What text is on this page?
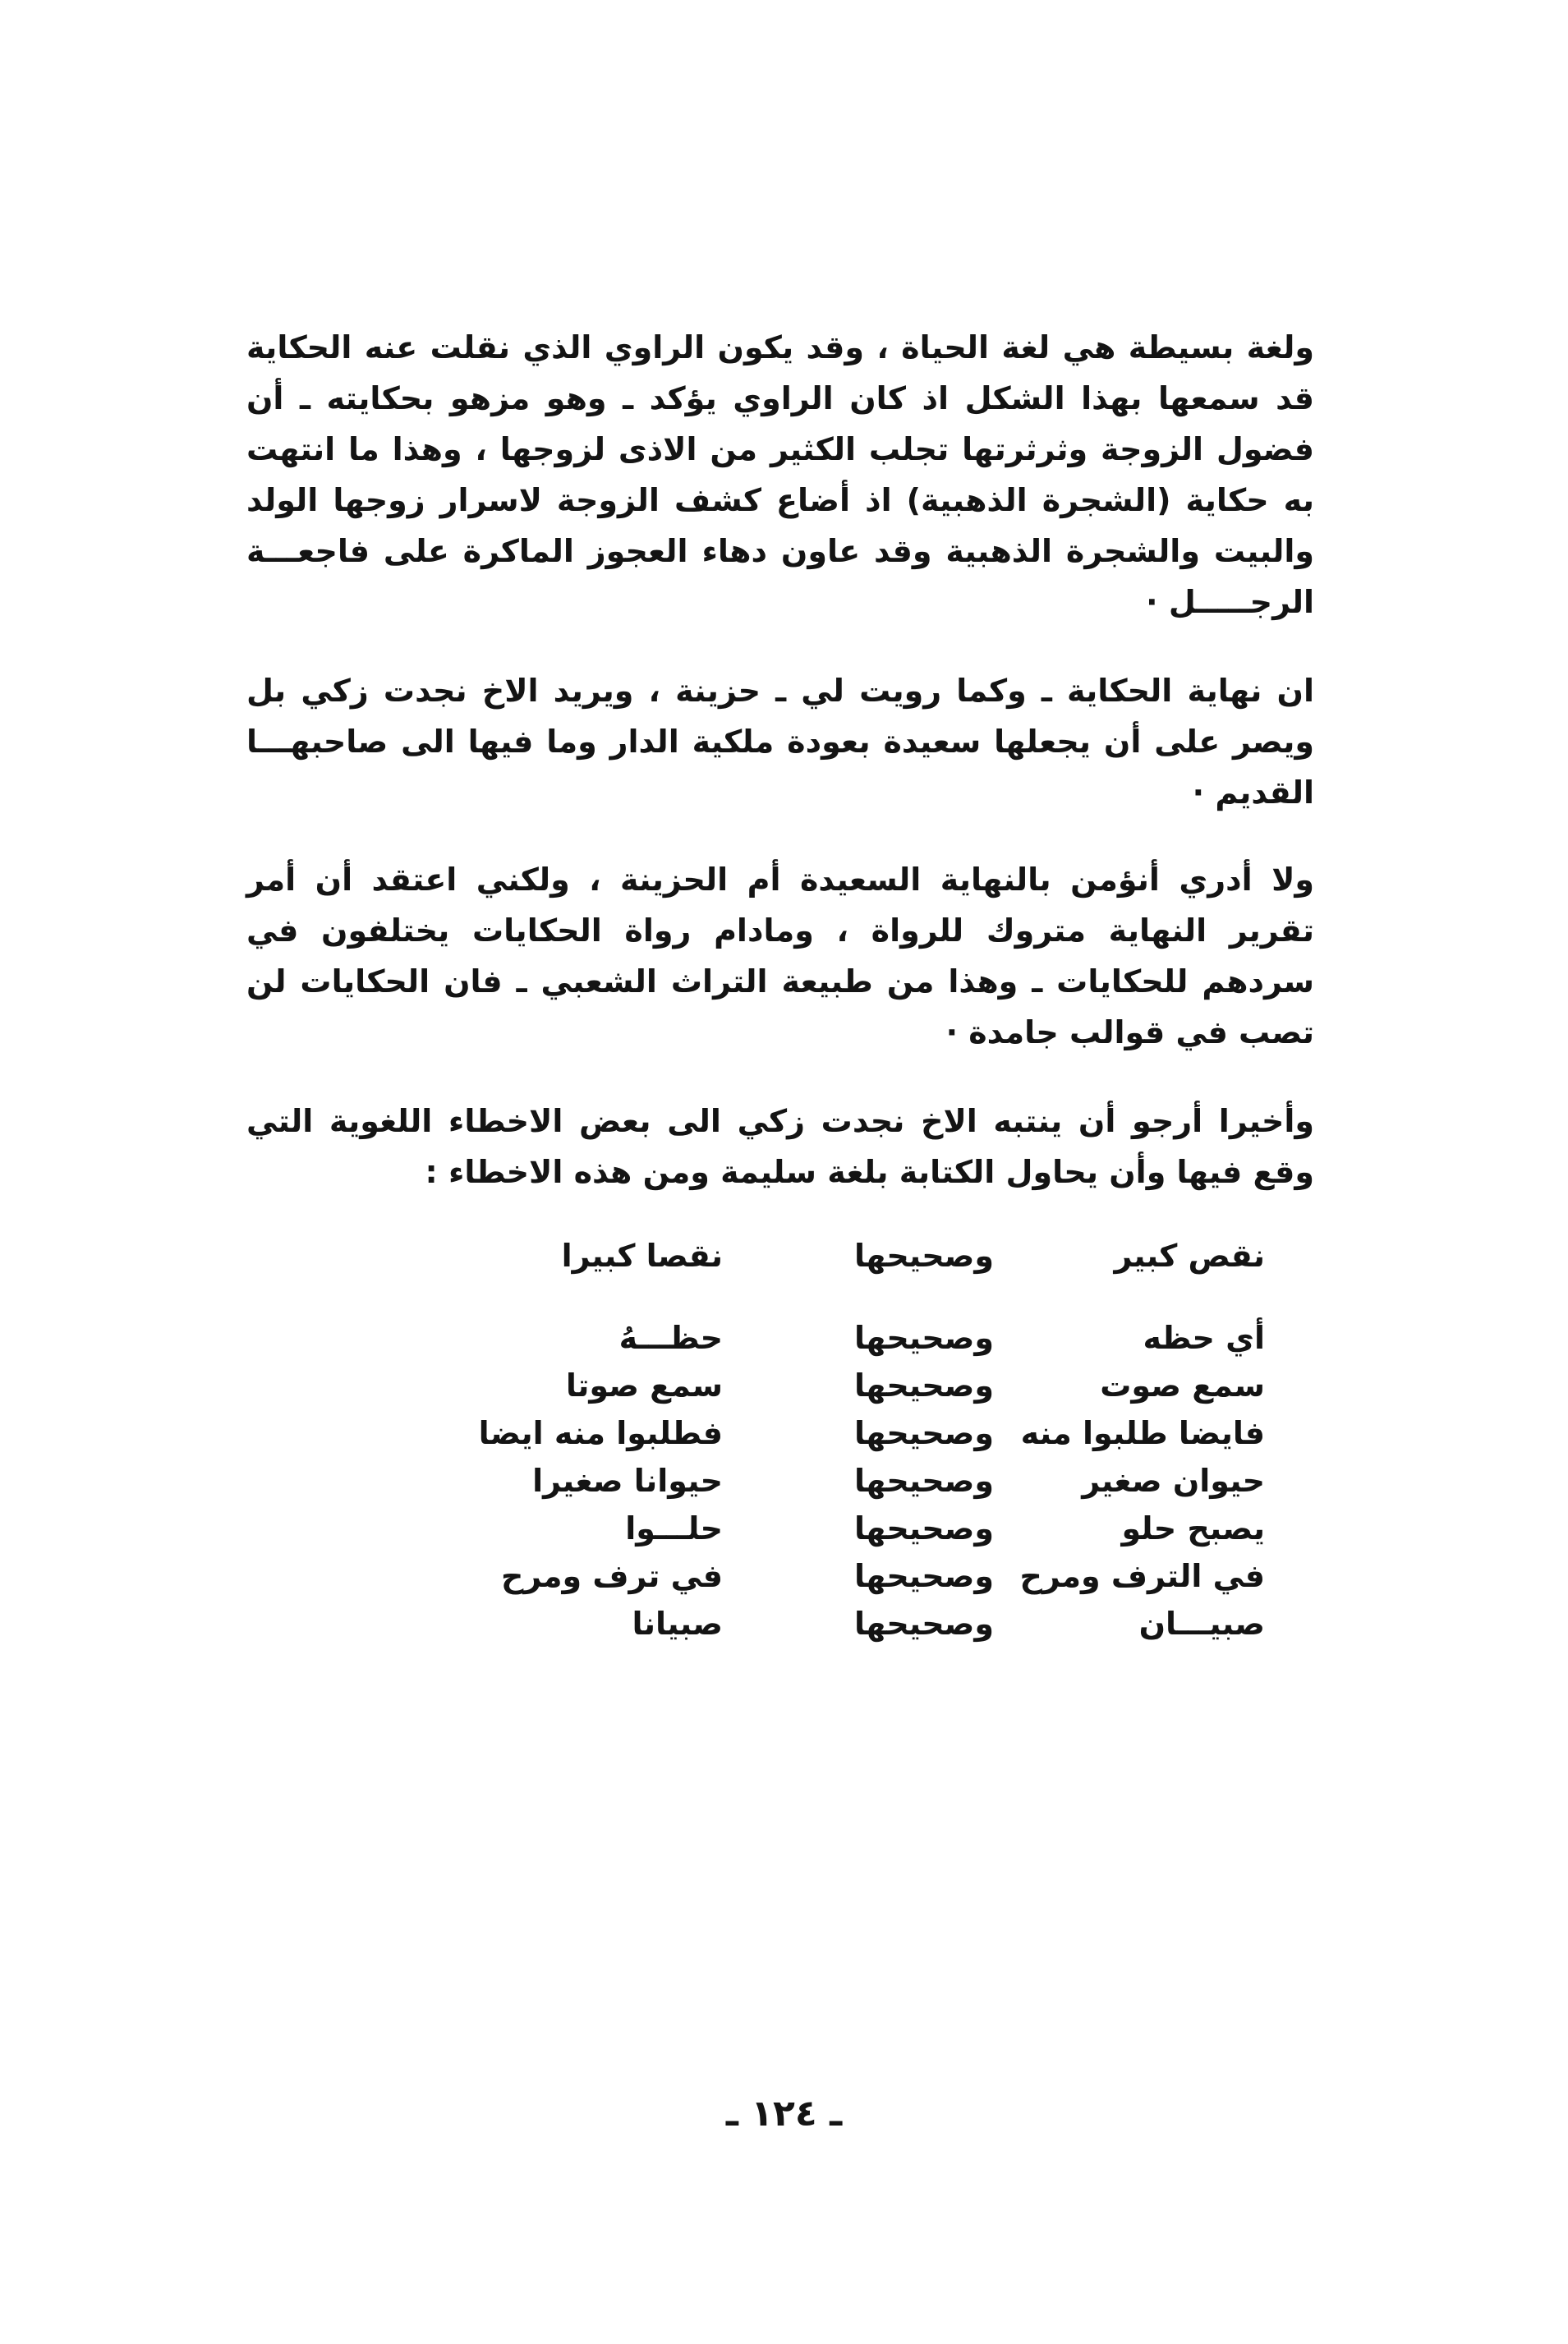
ولغة بسيطة هي لغة الحياة ، وقد يكون الراوي الذي نقلت عنه الحكاية قد سمعها بهذا الشكل اذ كان الراوي يؤكد ـ وهو مزهو بحكايته ـ أن فضول الزوجة وثرثرتها تجلب الكثير من الاذى لزوجها ، وهذا ما انتهت به حكاية (الشجرة الذهبية) اذ أضاع كشف الزوجة لاسرار زوجها الولد والبيت والشجرة الذهبية وقد عاون دهاء العجوز الماكرة على فاجعـــة الرجـــــل ·

ان نهاية الحكاية ـ وكما رويت لي ـ حزينة ، ويريد الاخ نجدت زكي بل ويصر على أن يجعلها سعيدة بعودة ملكية الدار وما فيها الى صاحبهـــا القديم ·

ولا أدري أنؤمن بالنهاية السعيدة أم الحزينة ، ولكني اعتقد أن أمر تقرير النهاية متروك للرواة ، ومادام رواة الحكايات يختلفون في سردهم للحكايات ـ وهذا من طبيعة التراث الشعبي ـ فان الحكايات لن تصب في قوالب جامدة ·

وأخيرا أرجو أن ينتبه الاخ نجدت زكي الى بعض الاخطاء اللغوية التي وقع فيها وأن يحاول الكتابة بلغة سليمة ومن هذه الاخطاء :

نقص كبير
وصحيحها
نقصا كبيرا
أي حظه
وصحيحها
حظـــهُ
سمع صوت
وصحيحها
سمع صوتا
فايضا طلبوا منه
وصحيحها
فطلبوا منه ايضا
حيوان صغير
وصحيحها
حيوانا صغيرا
يصبح حلو
وصحيحها
حلـــوا
في الترف ومرح
وصحيحها
في ترف ومرح
صبيـــان
وصحيحها
صبيانا
ـ ١٢٤ ـ
